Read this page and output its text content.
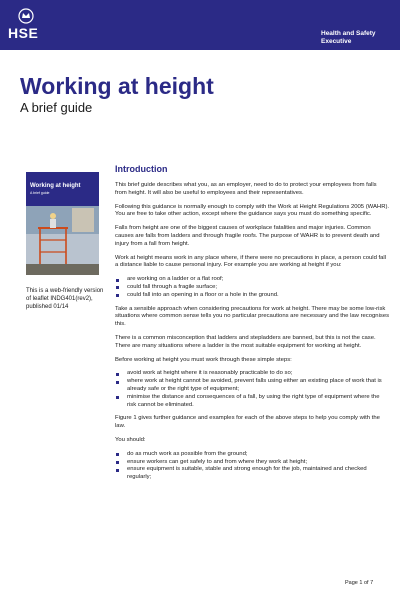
HSE	Health and Safety Executive
Working at height
A brief guide
Working at height
A brief guide
This is a web-friendly version of leaflet INDG401(rev2), published 01/14
Introduction

This brief guide describes what you, as an employer, need to do to protect your employees from falls from height. It will also be useful to employees and their representatives.

Following this guidance is normally enough to comply with the Work at Height Regulations 2005 (WAHR). You are free to take other action, except where the guidance says you must do something specific.

Falls from height are one of the biggest causes of workplace fatalities and major injuries. Common causes are falls from ladders and through fragile roofs. The purpose of WAHR is to prevent death and injury from a fall from height.

Work at height means work in any place where, if there were no precautions in place, a person could fall a distance liable to cause personal injury. For example you are working at height if you:

are working on a ladder or a flat roof;
could fall through a fragile surface;
could fall into an opening in a floor or a hole in the ground.

Take a sensible approach when considering precautions for work at height. There may be some low-risk situations where common sense tells you no particular precautions are necessary and the law recognises this.

There is a common misconception that ladders and stepladders are banned, but this is not the case. There are many situations where a ladder is the most suitable equipment for working at height.

Before working at height you must work through these simple steps:

avoid work at height where it is reasonably practicable to do so;
where work at height cannot be avoided, prevent falls using either an existing place of work that is already safe or the right type of equipment;
minimise the distance and consequences of a fall, by using the right type of equipment where the risk cannot be eliminated.

Figure 1 gives further guidance and examples for each of the above steps to help you comply with the law.

You should:

do as much work as possible from the ground;
ensure workers can get safely to and from where they work at height;
ensure equipment is suitable, stable and strong enough for the job, maintained and checked regularly;
Page 1 of 7
